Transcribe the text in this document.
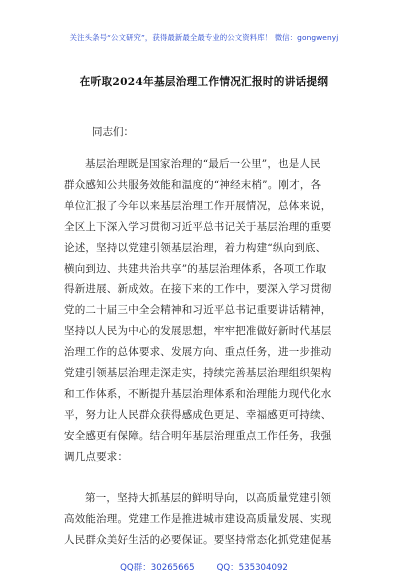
关注头条号“公文研究”，获得最新最全最专业的公文资料库！ 微信：gongwenyj
在听取2024年基层治理工作情况汇报时的讲话提纲
同志们：
基层治理既是国家治理的“最后一公里”，也是人民
群众感知公共服务效能和温度的“神经末梢”。刚才，各
单位汇报了今年以来基层治理工作开展情况，总体来说，
全区上下深入学习贯彻习近平总书记关于基层治理的重要
论述，坚持以党建引领基层治理，着力构建“纵向到底、
横向到边、共建共治共享”的基层治理体系，各项工作取
得新进展、新成效。在接下来的工作中，要深入学习贯彻
党的二十届三中全会精神和习近平总书记重要讲话精神，
坚持以人民为中心的发展思想，牢牢把准做好新时代基层
治理工作的总体要求、发展方向、重点任务，进一步推动
党建引领基层治理走深走实，持续完善基层治理组织架构
和工作体系，不断提升基层治理体系和治理能力现代化水
平，努力让人民群众获得感成色更足、幸福感更可持续、
安全感更有保障。结合明年基层治理重点工作任务，我强
调几点要求：
第一，坚持大抓基层的鲜明导向，以高质量党建引领
高效能治理。党建工作是推进城市建设高质量发展、实现
人民群众美好生活的必要保证。要坚持常态化抓党建促基
QQ群：30265665	QQ：535304092
